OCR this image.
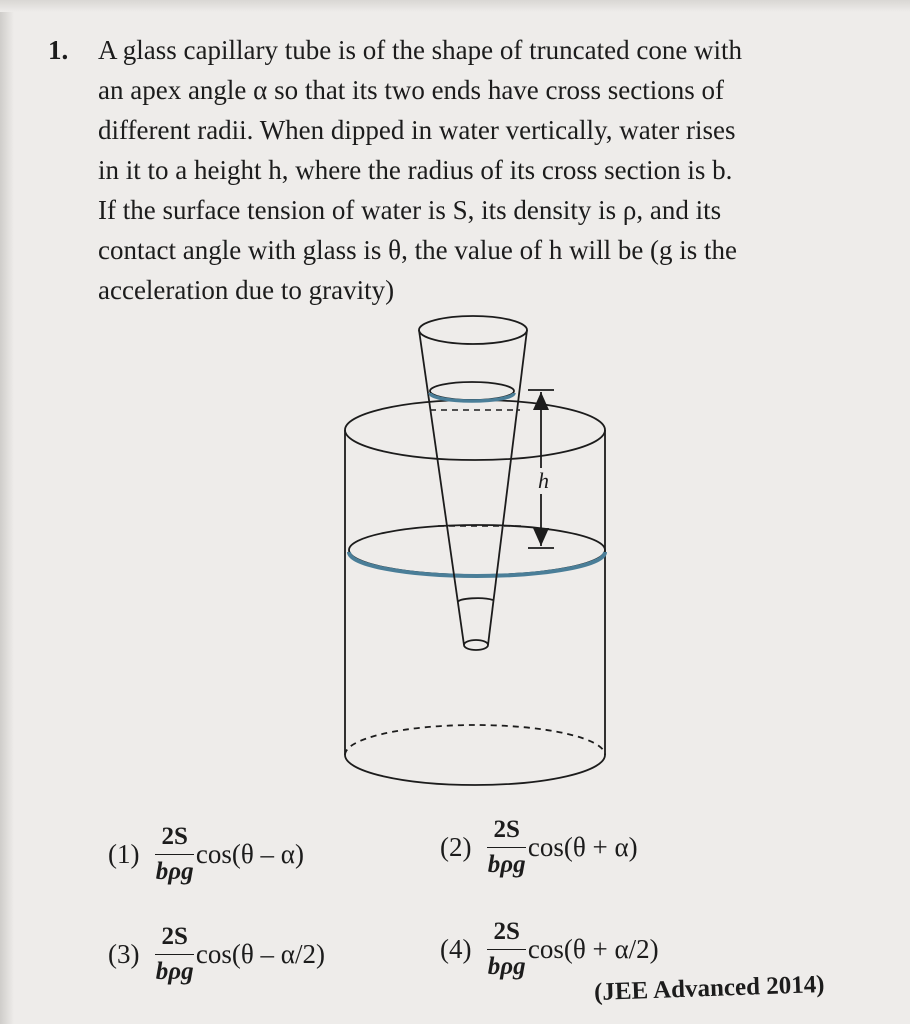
1. A glass capillary tube is of the shape of truncated cone with
an apex angle α so that its two ends have cross sections of
different radii. When dipped in water vertically, water rises
in it to a height h, where the radius of its cross section is b.
If the surface tension of water is S, its density is ρ, and its
contact angle with glass is θ, the value of h will be (g is the
acceleration due to gravity)
h
$(1) \frac{2S}{\text{bρg}} \cos(\theta - \alpha)$	$(2) \frac{2S}{\text{bρg}} \cos(\theta + \alpha)$
$(3) \frac{2S}{\text{bρg}} \cos(\theta - \alpha/2)$	$(4) \frac{2S}{\text{bρg}} \cos(\theta + \alpha/2)$
(JEE Advanced 2014)
